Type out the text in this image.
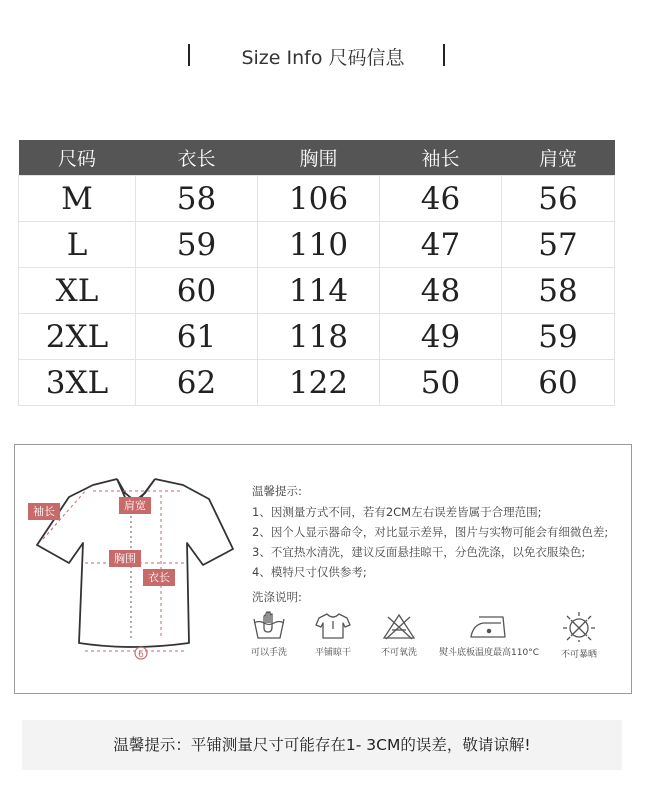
Size Info 尺码信息
尺码	衣长	胸围	袖长	肩宽
M	58	106	46	56
L	59	110	47	57
XL	60	114	48	58
2XL	61	118	49	59
3XL	62	122	50	60
6
袖长	肩宽
胸围
衣长
温馨提示:
1、因测量方式不同，若有2CM左右误差皆属于合理范围;
2、因个人显示器命令，对比显示差异，图片与实物可能会有细微色差;
3、不宜热水清洗，建议反面悬挂晾干，分色洗涤，以免衣服染色;
4、模特尺寸仅供参考;
洗涤说明:
可以手洗	平铺晾干	不可氧洗	熨斗底板温度最高110°C	不可暴晒
温馨提示：平铺测量尺寸可能存在1- 3CM的误差，敬请谅解!
